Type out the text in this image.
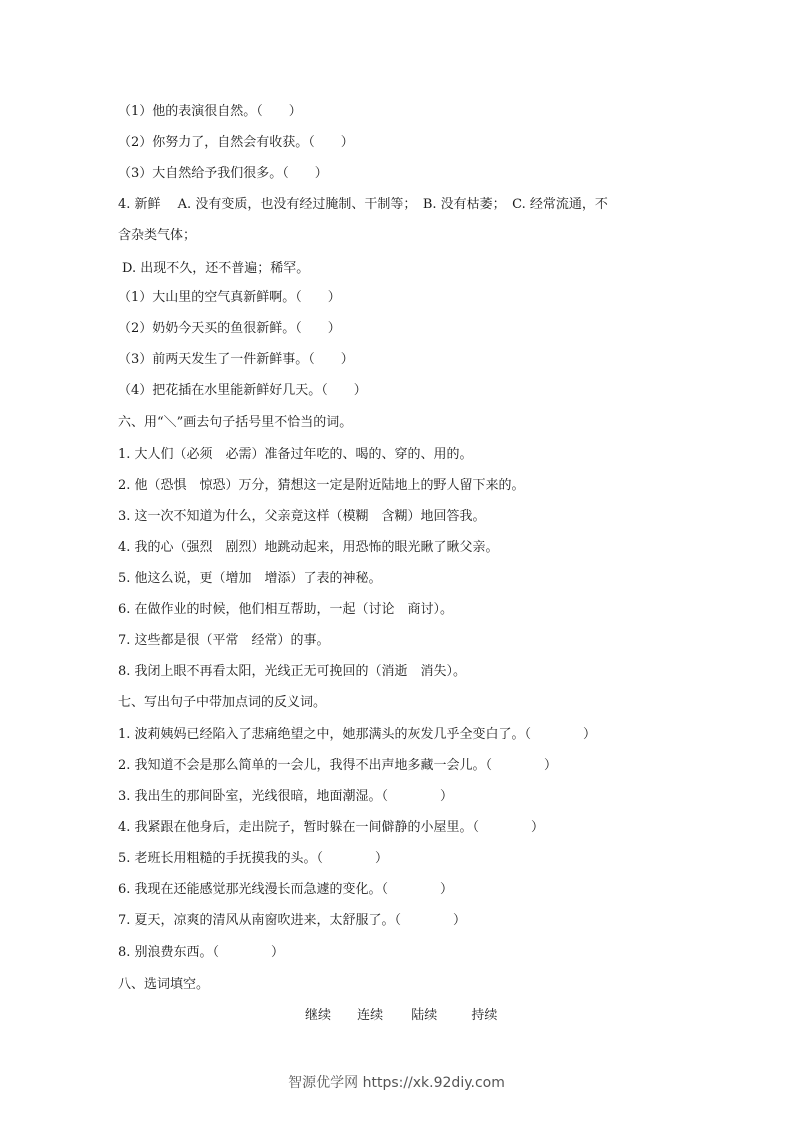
（1）他的表演很自然。（　　）
（2）你努力了，自然会有收获。（　　）
（3）大自然给予我们很多。（　　）
4. 新鲜　 A. 没有变质，也没有经过腌制、干制等；　B. 没有枯萎；　C. 经常流通，不
含杂类气体；
D. 出现不久，还不普遍；稀罕。
（1）大山里的空气真新鲜啊。（　　）
（2）奶奶今天买的鱼很新鲜。（　　）
（3）前两天发生了一件新鲜事。（　　）
（4）把花插在水里能新鲜好几天。（　　）
六、用“＼”画去句子括号里不恰当的词。
1. 大人们（必须　必需）准备过年吃的、喝的、穿的、用的。
2. 他（恐惧　惊恐）万分，猜想这一定是附近陆地上的野人留下来的。
3. 这一次不知道为什么，父亲竟这样（模糊　含糊）地回答我。
4. 我的心（强烈　剧烈）地跳动起来，用恐怖的眼光瞅了瞅父亲。
5. 他这么说，更（增加　增添）了表的神秘。
6. 在做作业的时候，他们相互帮助，一起（讨论　商讨）。
7. 这些都是很（平常　经常）的事。
8. 我闭上眼不再看太阳，光线正无可挽回的（消逝　消失）。
七、写出句子中带加点词的反义词。
1. 波莉姨妈已经陷入了悲痛绝望之中，她那满头的灰发几乎全变白了。（　　　　）
2. 我知道不会是那么简单的一会儿，我得不出声地多藏一会儿。（　　　　）
3. 我出生的那间卧室，光线很暗，地面潮湿。（　　　　）
4. 我紧跟在他身后，走出院子，暂时躲在一间僻静的小屋里。（　　　　）
5. 老班长用粗糙的手抚摸我的头。（　　　　）
6. 我现在还能感觉那光线漫长而急遽的变化。（　　　　）
7. 夏天，凉爽的清风从南窗吹进来，太舒服了。（　　　　）
8. 别浪费东西。（　　　　）
八、选词填空。
继续 连续 陆续	持续
智源优学网 https://xk.92diy.com
